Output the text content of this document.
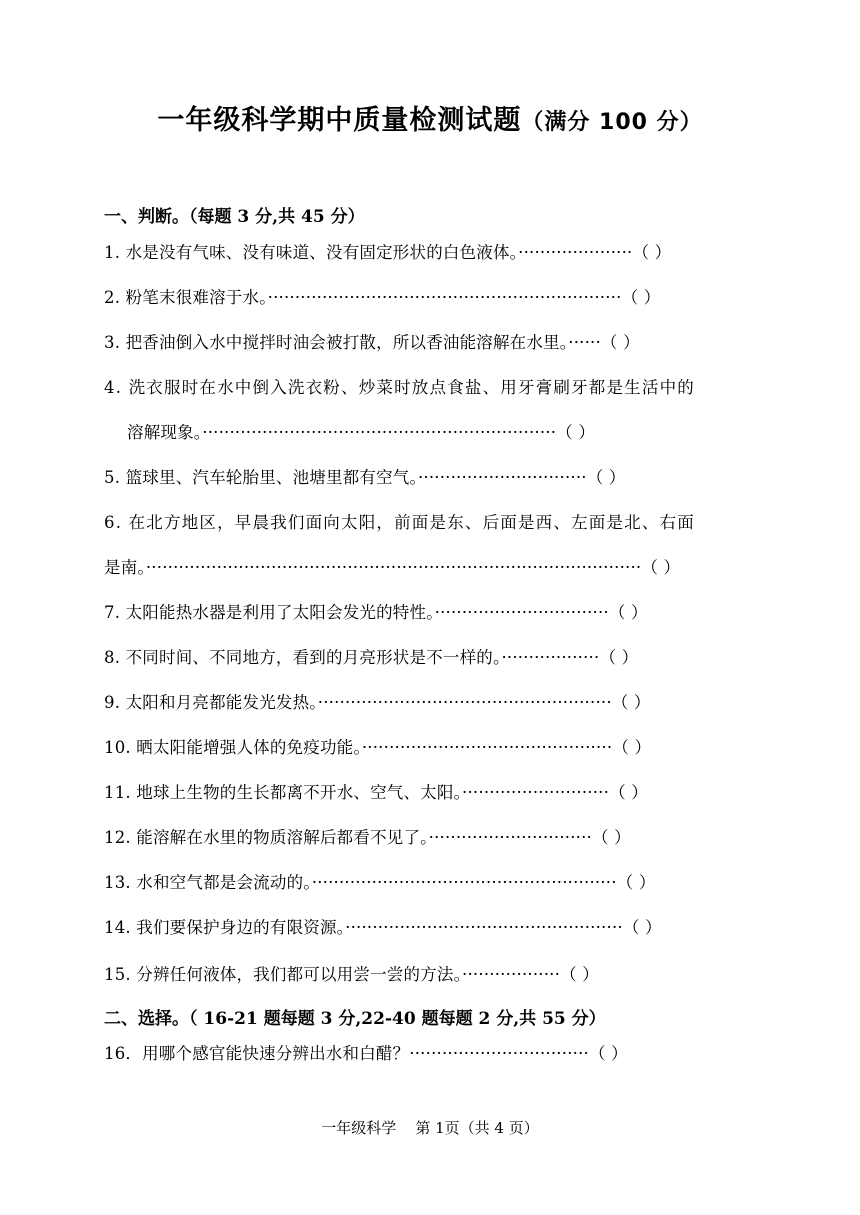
一年级科学期中质量检测试题（满分 100 分）
一、判断。（每题 3 分,共 45 分）
1. 水是没有气味、没有味道、没有固定形状的白色液体。·····················（ ）
2. 粉笔末很难溶于水。·································································（ ）
3. 把香油倒入水中搅拌时油会被打散，所以香油能溶解在水里。······（ ）
4. 洗衣服时在水中倒入洗衣粉、炒菜时放点食盐、用牙膏刷牙都是生活中的
溶解现象。·································································（ ）
5. 篮球里、汽车轮胎里、池塘里都有空气。·······························（ ）
6. 在北方地区，早晨我们面向太阳，前面是东、后面是西、左面是北、右面
是南。···························································································（ ）
7. 太阳能热水器是利用了太阳会发光的特性。································（ ）
8. 不同时间、不同地方，看到的月亮形状是不一样的。··················（ ）
9. 太阳和月亮都能发光发热。······················································（ ）
10. 晒太阳能增强人体的免疫功能。··············································（ ）
11. 地球上生物的生长都离不开水、空气、太阳。···························（ ）
12. 能溶解在水里的物质溶解后都看不见了。······························（ ）
13. 水和空气都是会流动的。························································（ ）
14. 我们要保护身边的有限资源。···················································（ ）
15. 分辨任何液体，我们都可以用尝一尝的方法。··················（ ）
二、选择。（ 16-21 题每题 3 分,22-40 题每题 2 分,共 55 分）
16．用哪个感官能快速分辨出水和白醋？·································（ ）
一年级科学    第 1页（共 4 页）
